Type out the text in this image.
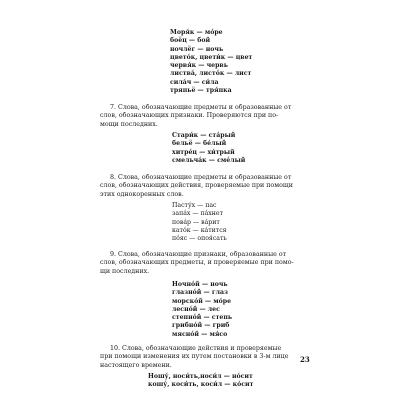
Моря́к — мо́ре
боёц — бой
ночлёг — ночь
цвето́к, цвети́к — цвет
червя́к — червь
листва́, листо́к — лист
сила́ч — си́ла
тряпьё — тря́пка
7. Слова, обозначающие предметы и образованные от
слов, обозначающих признаки. Проверяются при по-
мощи последних.
Стари́к — ста́рый
бельё — бе́лый
хитре́ц — хи́трый
смельча́к — сме́лый
8. Слова, обозначающие предметы и образованные от
слов, обозначающих действия, проверяемые при помощи
этих однокоренных слов.
Пасту́х — пас
запа́х — па́хнет
пова́р — ва́рит
като́к — ка́тится
по́яс — опоя́сать
9. Слова, обозначающие признаки, образованные от
слов, обозначающих предметы, и проверяемые при помо-
щи последних.
Ночно́й — ночь
глазно́й — глаз
морско́й — мо́ре
лесно́й — лес
степно́й — степь
грибно́й — гриб
мясно́й — мя́со
10. Слова, обозначающие действия и проверяемые
при помощи изменения их путем постановки в 3-м лице
настоящего времени.
Ношу́, носи́ть,носи́л — но́сит
кошу́, коси́ть, коси́л — ко́сит
23
